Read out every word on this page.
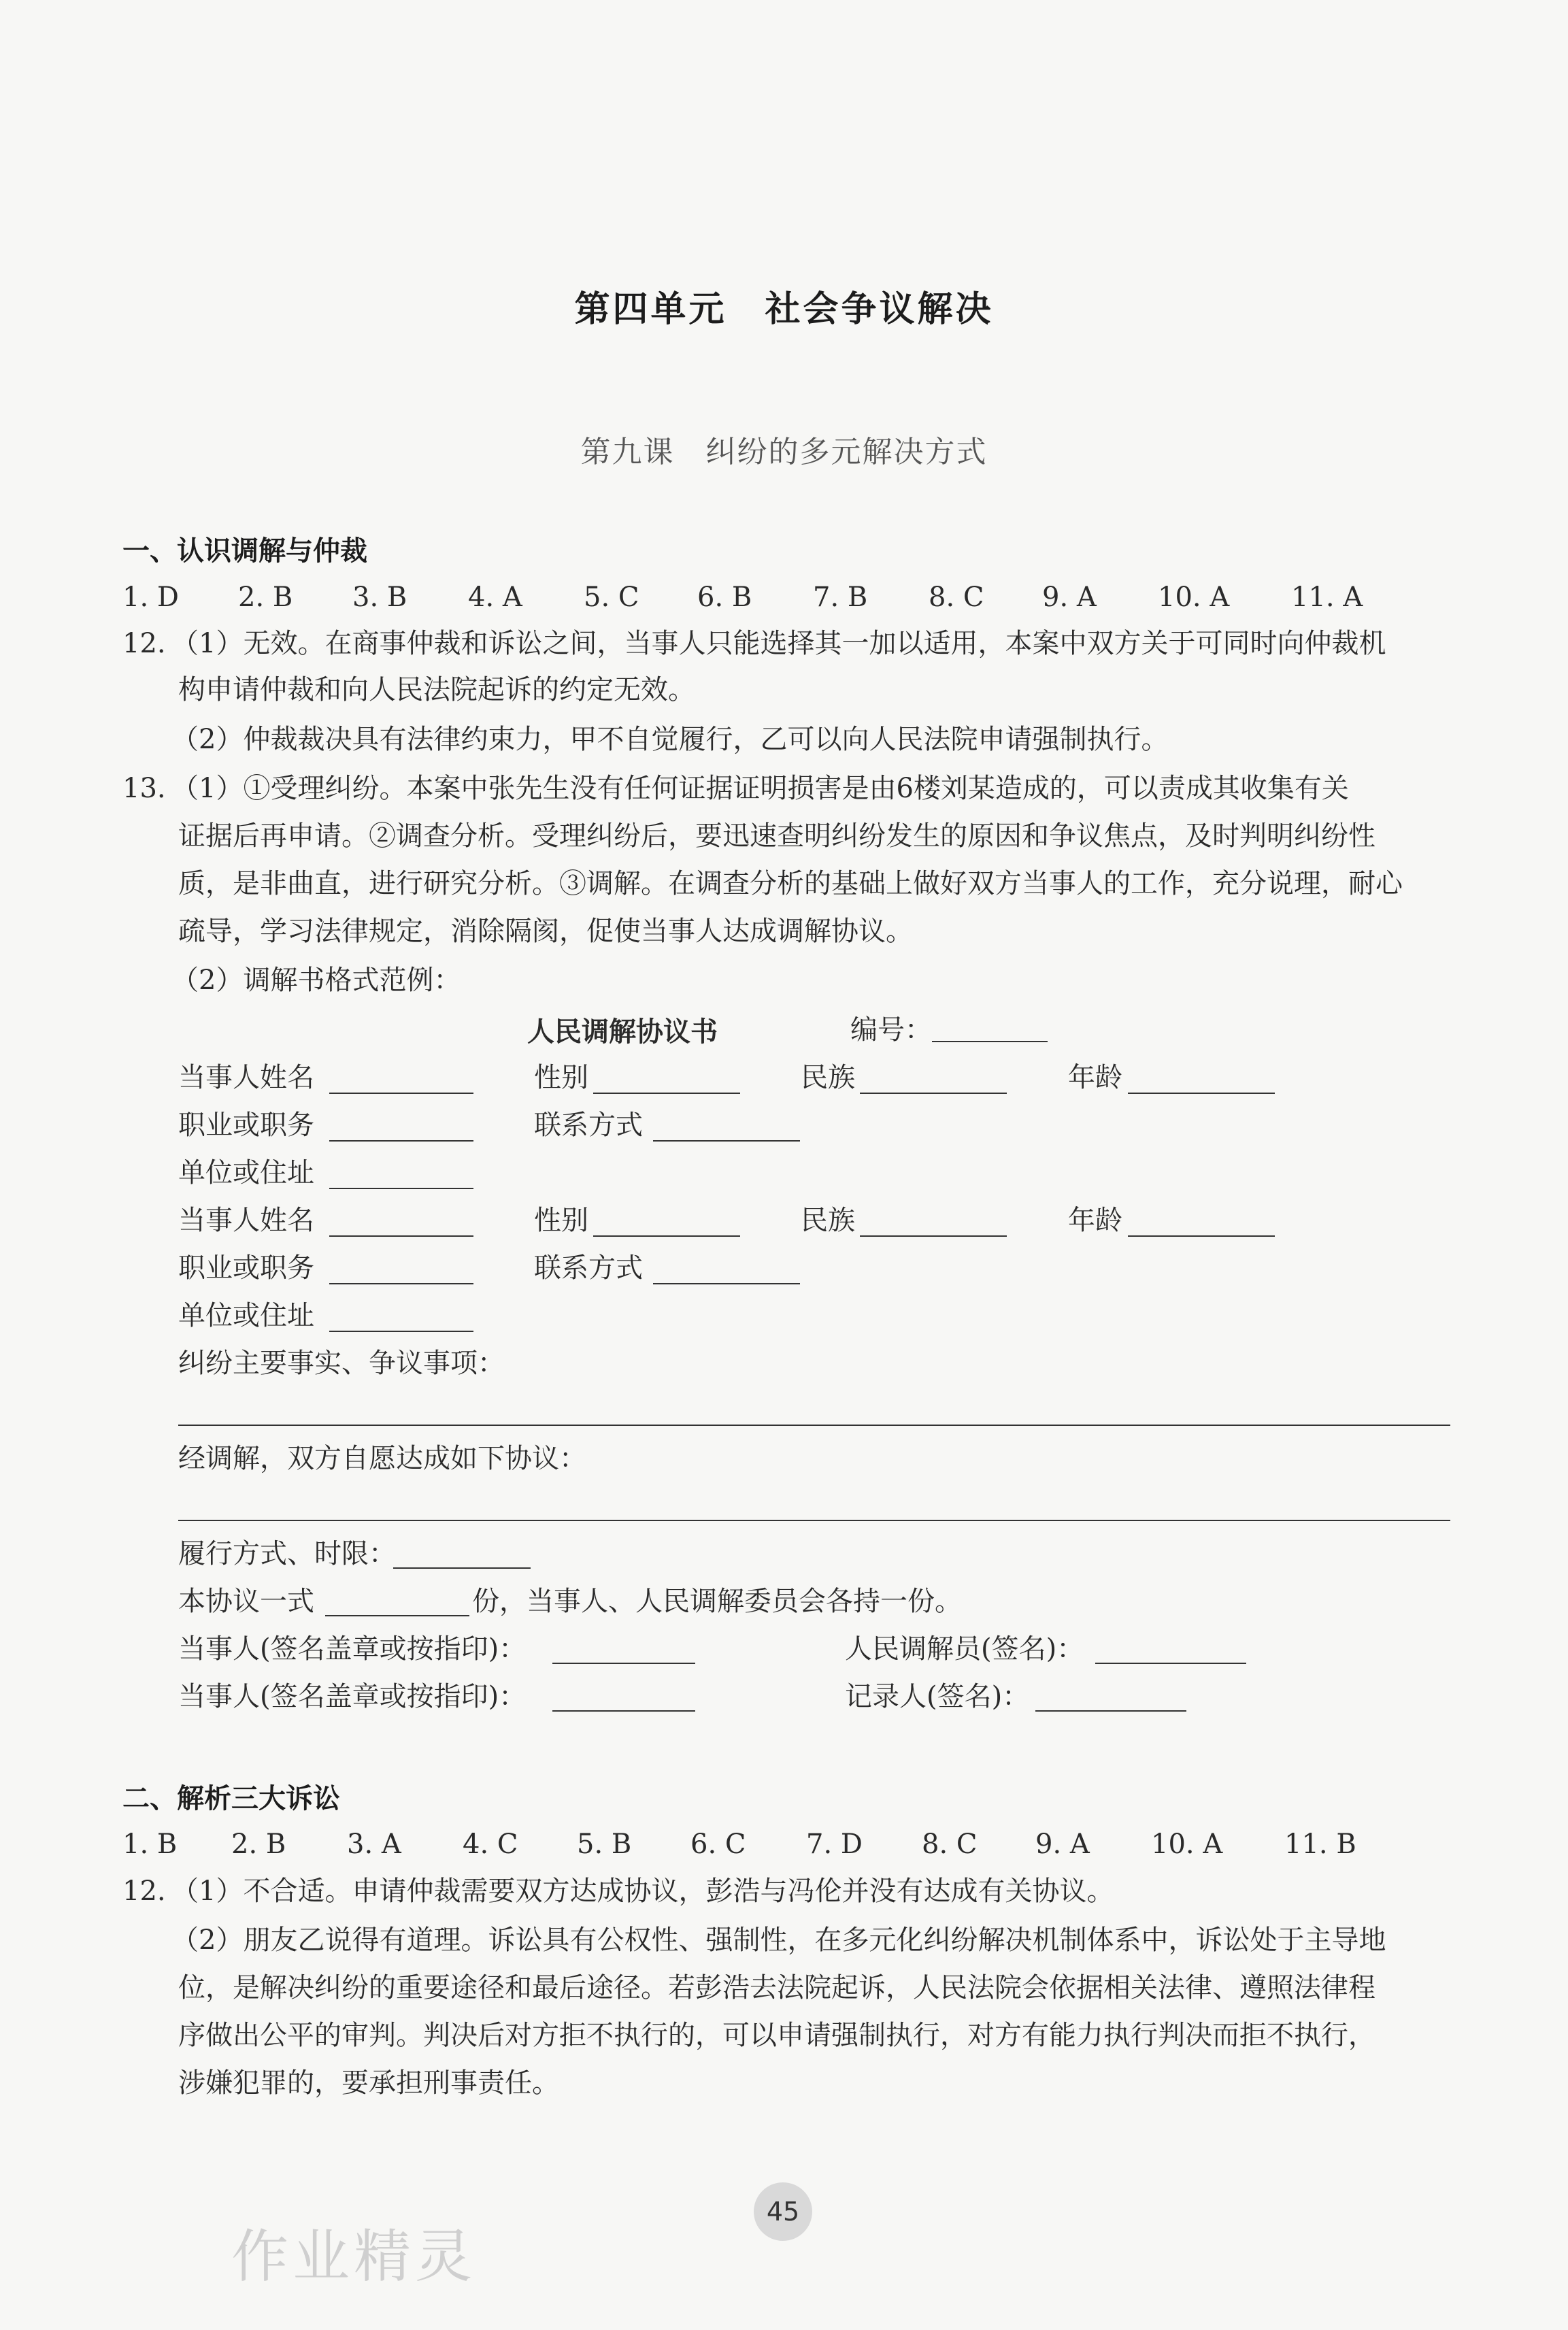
第四单元　社会争议解决
第九课　纠纷的多元解决方式
一、认识调解与仲裁
1. D 2. B 3. B 4. A 5. C 6. B 7. B 8. C 9. A 10. A 11. A
12. （1）无效。在商事仲裁和诉讼之间，当事人只能选择其一加以适用，本案中双方关于可同时向仲裁机
构申请仲裁和向人民法院起诉的约定无效。
（2）仲裁裁决具有法律约束力，甲不自觉履行，乙可以向人民法院申请强制执行。
13. （1）①受理纠纷。本案中张先生没有任何证据证明损害是由6楼刘某造成的，可以责成其收集有关
证据后再申请。②调查分析。受理纠纷后，要迅速查明纠纷发生的原因和争议焦点，及时判明纠纷性
质，是非曲直，进行研究分析。③调解。在调查分析的基础上做好双方当事人的工作，充分说理，耐心
疏导，学习法律规定，消除隔阂，促使当事人达成调解协议。
（2）调解书格式范例：
人民调解协议书	编号：
当事人姓名	性别	民族	年龄
职业或职务	联系方式
单位或住址
当事人姓名	性别	民族	年龄
职业或职务	联系方式
单位或住址
纠纷主要事实、争议事项：
经调解，双方自愿达成如下协议：
履行方式、时限：
本协议一式	份，当事人、人民调解委员会各持一份。
当事人(签名盖章或按指印)：	人民调解员(签名)：
当事人(签名盖章或按指印)：	记录人(签名)：
二、解析三大诉讼
1. B 2. B 3. A 4. C 5. B 6. C 7. D 8. C 9. A 10. A 11. B
12. （1）不合适。申请仲裁需要双方达成协议，彭浩与冯伦并没有达成有关协议。
（2）朋友乙说得有道理。诉讼具有公权性、强制性，在多元化纠纷解决机制体系中，诉讼处于主导地
位，是解决纠纷的重要途径和最后途径。若彭浩去法院起诉，人民法院会依据相关法律、遵照法律程
序做出公平的审判。判决后对方拒不执行的，可以申请强制执行，对方有能力执行判决而拒不执行，
涉嫌犯罪的，要承担刑事责任。
45
作业精灵
